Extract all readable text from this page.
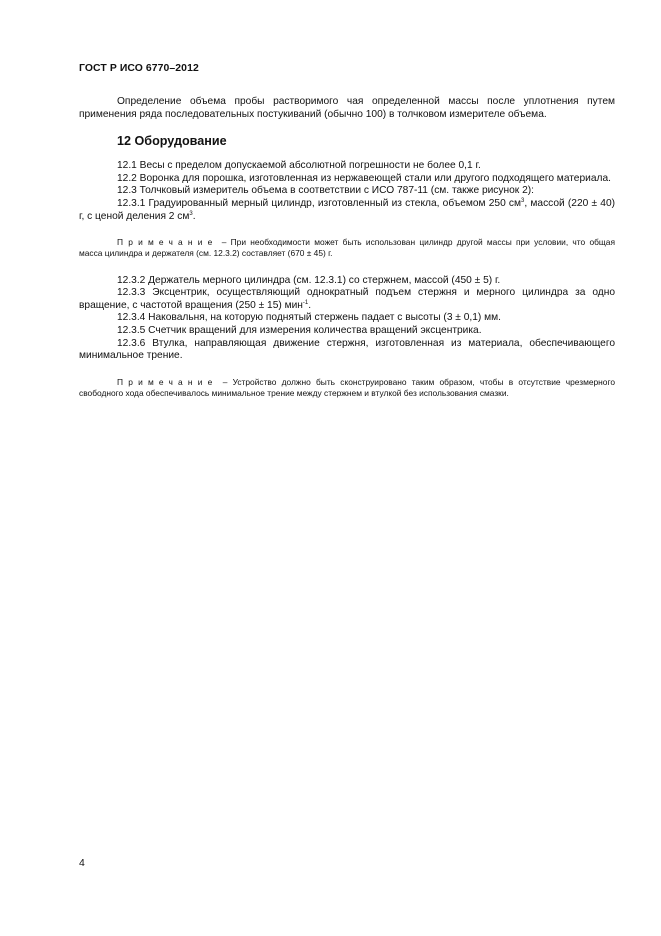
ГОСТ Р ИСО 6770–2012

Определение объема пробы растворимого чая определенной массы после уплотнения путем применения ряда последовательных постукиваний (обычно 100) в толчковом измерителе объема.

12 Оборудование

12.1 Весы с пределом допускаемой абсолютной погрешности не более 0,1 г.

12.2 Воронка для порошка, изготовленная из нержавеющей стали или другого подходящего материала.

12.3 Толчковый измеритель объема в соответствии с ИСО 787-11 (см. также рисунок 2):

12.3.1 Градуированный мерный цилиндр, изготовленный из стекла, объемом 250 $см^3$, массой (220 ± 40) г, с ценой деления 2 $см^3$.

Примечание – При необходимости может быть использован цилиндр другой массы при условии, что общая масса цилиндра и держателя (см. 12.3.2) составляет (670 ± 45) г.

12.3.2 Держатель мерного цилиндра (см. 12.3.1) со стержнем, массой (450 ± 5) г.

12.3.3 Эксцентрик, осуществляющий однократный подъем стержня и мерного цилиндра за одно вращение, с частотой вращения (250 ± 15) мин$^{-1}$.

12.3.4 Наковальня, на которую поднятый стержень падает с высоты (3 ± 0,1) мм.

12.3.5 Счетчик вращений для измерения количества вращений эксцентрика.

12.3.6 Втулка, направляющая движение стержня, изготовленная из материала, обеспечивающего минимальное трение.

Примечание – Устройство должно быть сконструировано таким образом, чтобы в отсутствие чрезмерного свободного хода обеспечивалось минимальное трение между стержнем и втулкой без использования смазки.

4
